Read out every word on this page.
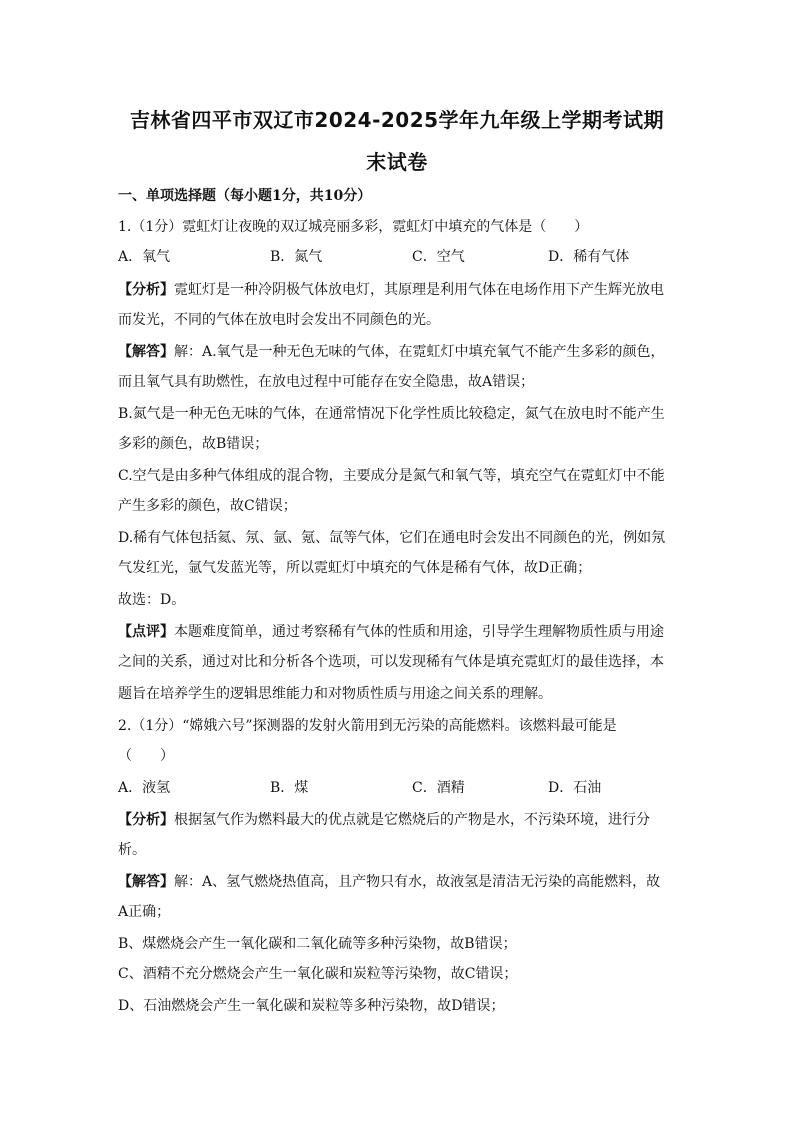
吉林省四平市双辽市2024-2025学年九年级上学期考试期
末试卷
一、单项选择题（每小题1分，共10分）
1.（1分）霓虹灯让夜晚的双辽城亮丽多彩，霓虹灯中填充的气体是（　　）
A．氧气	B．氮气	C．空气	D．稀有气体
【分析】霓虹灯是一种冷阴极气体放电灯，其原理是利用气体在电场作用下产生辉光放电
而发光，不同的气体在放电时会发出不同颜色的光。
【解答】解：A.氧气是一种无色无味的气体，在霓虹灯中填充氧气不能产生多彩的颜色，
而且氧气具有助燃性，在放电过程中可能存在安全隐患，故A错误；
B.氮气是一种无色无味的气体，在通常情况下化学性质比较稳定，氮气在放电时不能产生
多彩的颜色，故B错误；
C.空气是由多种气体组成的混合物，主要成分是氮气和氧气等，填充空气在霓虹灯中不能
产生多彩的颜色，故C错误；
D.稀有气体包括氦、氖、氩、氪、氙等气体，它们在通电时会发出不同颜色的光，例如氖
气发红光，氩气发蓝光等，所以霓虹灯中填充的气体是稀有气体，故D正确；
故选：D。
【点评】本题难度简单，通过考察稀有气体的性质和用途，引导学生理解物质性质与用途
之间的关系，通过对比和分析各个选项，可以发现稀有气体是填充霓虹灯的最佳选择，本
题旨在培养学生的逻辑思维能力和对物质性质与用途之间关系的理解。
2.（1分）“嫦娥六号”探测器的发射火箭用到无污染的高能燃料。该燃料最可能是
（　　）
A．液氢	B．煤	C．酒精	D．石油
【分析】根据氢气作为燃料最大的优点就是它燃烧后的产物是水，不污染环境，进行分
析。
【解答】解：A、氢气燃烧热值高，且产物只有水，故液氢是清洁无污染的高能燃料，故
A正确；
B、煤燃烧会产生一氧化碳和二氧化硫等多种污染物，故B错误；
C、酒精不充分燃烧会产生一氧化碳和炭粒等污染物，故C错误；
D、石油燃烧会产生一氧化碳和炭粒等多种污染物，故D错误；
